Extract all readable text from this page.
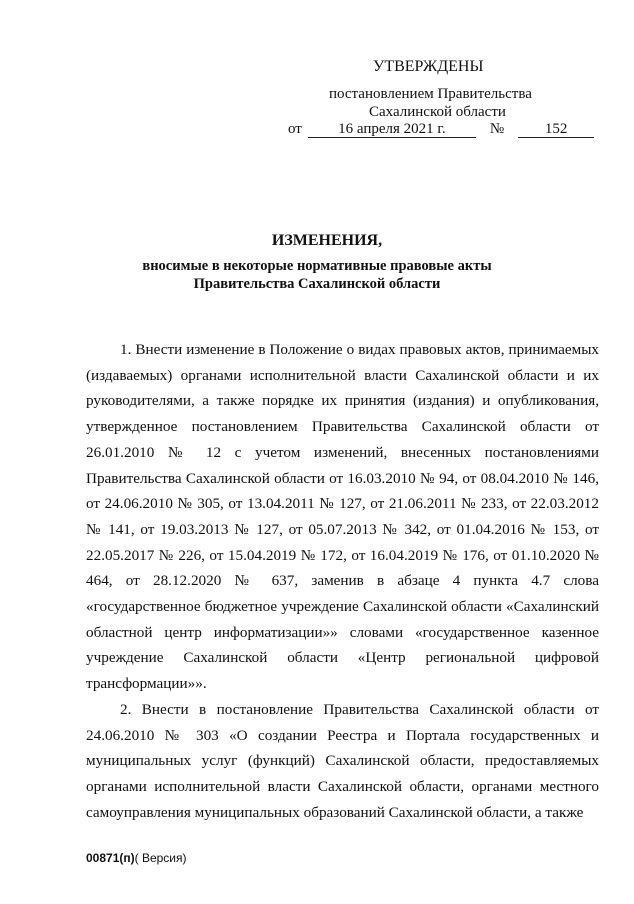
УТВЕРЖДЕНЫ
постановлением Правительства
Сахалинской области
от 16 апреля 2021 г.	№	152
ИЗМЕНЕНИЯ,
вносимые в некоторые нормативные правовые акты
Правительства Сахалинской области

1. Внести изменение в Положение о видах правовых актов, принимаемых (издаваемых) органами исполнительной власти Сахалинской области и их руководителями, а также порядке их принятия (издания) и опубликования, утвержденное постановлением Правительства Сахалинской области от 26.01.2010 № 12 с учетом изменений, внесенных постановлениями Правительства Сахалинской области от 16.03.2010 № 94, от 08.04.2010 № 146, от 24.06.2010 № 305, от 13.04.2011 № 127, от 21.06.2011 № 233, от 22.03.2012 № 141, от 19.03.2013 № 127, от 05.07.2013 № 342, от 01.04.2016 № 153, от 22.05.2017 № 226, от 15.04.2019 № 172, от 16.04.2019 № 176, от 01.10.2020 № 464, от 28.12.2020 № 637, заменив в абзаце 4 пункта 4.7 слова «государственное бюджетное учреждение Сахалинской области «Сахалинский областной центр информатизации»» словами «государственное казенное учреждение Сахалинской области «Центр региональной цифровой трансформации»».

2. Внести в постановление Правительства Сахалинской области от 24.06.2010 № 303 «О создании Реестра и Портала государственных и муниципальных услуг (функций) Сахалинской области, предоставляемых органами исполнительной власти Сахалинской области, органами местного самоуправления муниципальных образований Сахалинской области, а также

00871(п)( Версия)
